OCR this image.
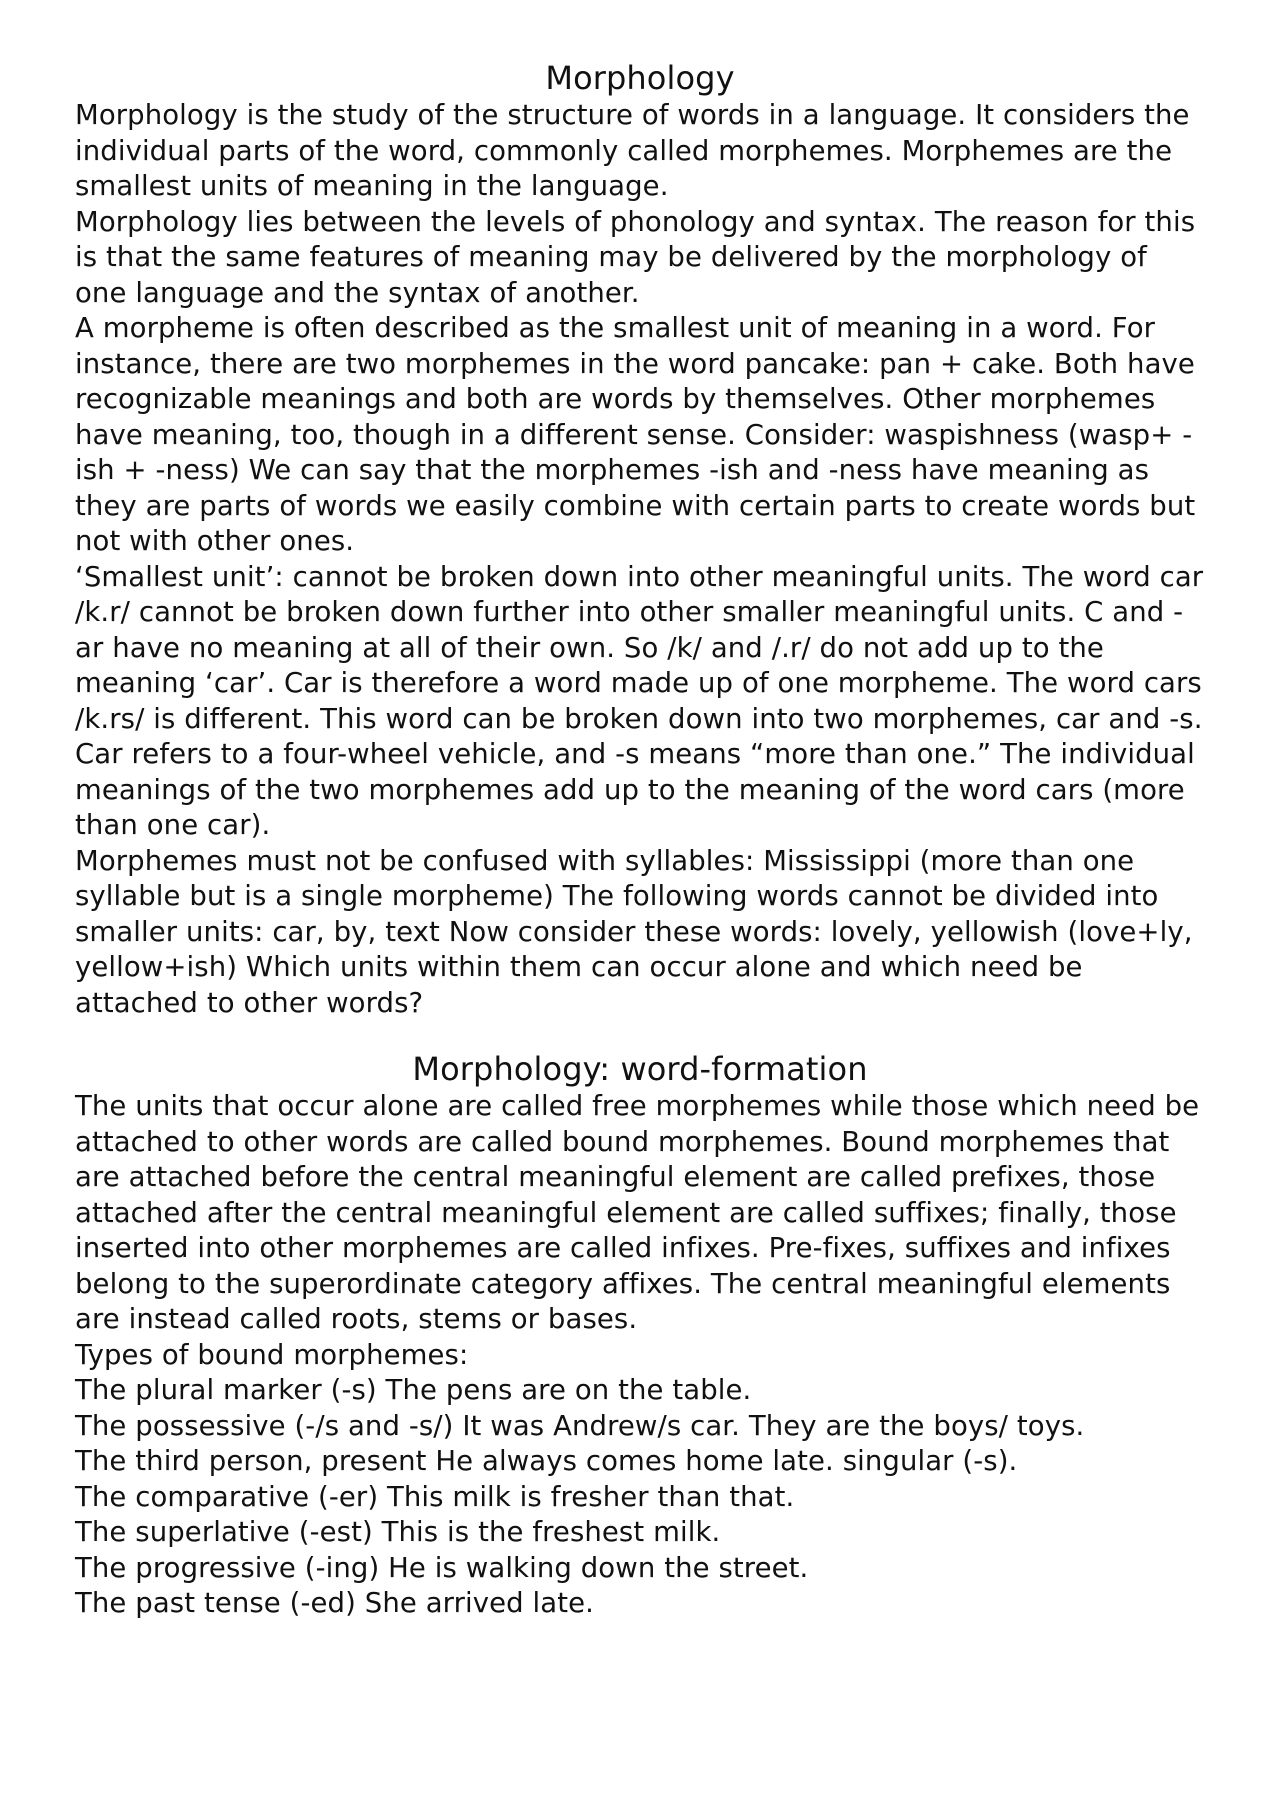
Morphology

Morphology is the study of the structure of words in a language. It considers the individual parts of the word, commonly called morphemes. Morphemes are the smallest units of meaning in the language.

Morphology lies between the levels of phonology and syntax. The reason for this is that the same features of meaning may be delivered by the morphology of one language and the syntax of another.

A morpheme is often described as the smallest unit of meaning in a word. For instance, there are two morphemes in the word pancake: pan + cake. Both have recognizable meanings and both are words by themselves. Other morphemes have meaning, too, though in a different sense. Consider: waspishness (wasp+ -ish + -ness) We can say that the morphemes -ish and -ness have meaning as they are parts of words we easily combine with certain parts to create words but not with other ones.

‘Smallest unit’: cannot be broken down into other meaningful units. The word car /k.r/ cannot be broken down further into other smaller meaningful units. C and -ar have no meaning at all of their own. So /k/ and /.r/ do not add up to the meaning ‘car’. Car is therefore a word made up of one morpheme. The word cars /k.rs/ is different. This word can be broken down into two morphemes, car and -s. Car refers to a four-wheel vehicle, and -s means “more than one.” The individual meanings of the two morphemes add up to the meaning of the word cars (more than one car).

Morphemes must not be confused with syllables: Mississippi (more than one syllable but is a single morpheme) The following words cannot be divided into smaller units: car, by, text Now consider these words: lovely, yellowish (love+ly, yellow+ish) Which units within them can occur alone and which need be attached to other words?

Morphology: word-formation

The units that occur alone are called free morphemes while those which need be attached to other words are called bound morphemes. Bound morphemes that are attached before the central meaningful element are called prefixes, those attached after the central meaningful element are called suffixes; finally, those inserted into other morphemes are called infixes. Pre-fixes, suffixes and infixes belong to the superordinate category affixes. The central meaningful elements are instead called roots, stems or bases.

Types of bound morphemes:

The plural marker (-s) The pens are on the table.

The possessive (-/s and -s/) It was Andrew/s car. They are the boys/ toys.

The third person, present He always comes home late. singular (-s).

The comparative (-er) This milk is fresher than that.

The superlative (-est) This is the freshest milk.

The progressive (-ing) He is walking down the street.

The past tense (-ed) She arrived late.
